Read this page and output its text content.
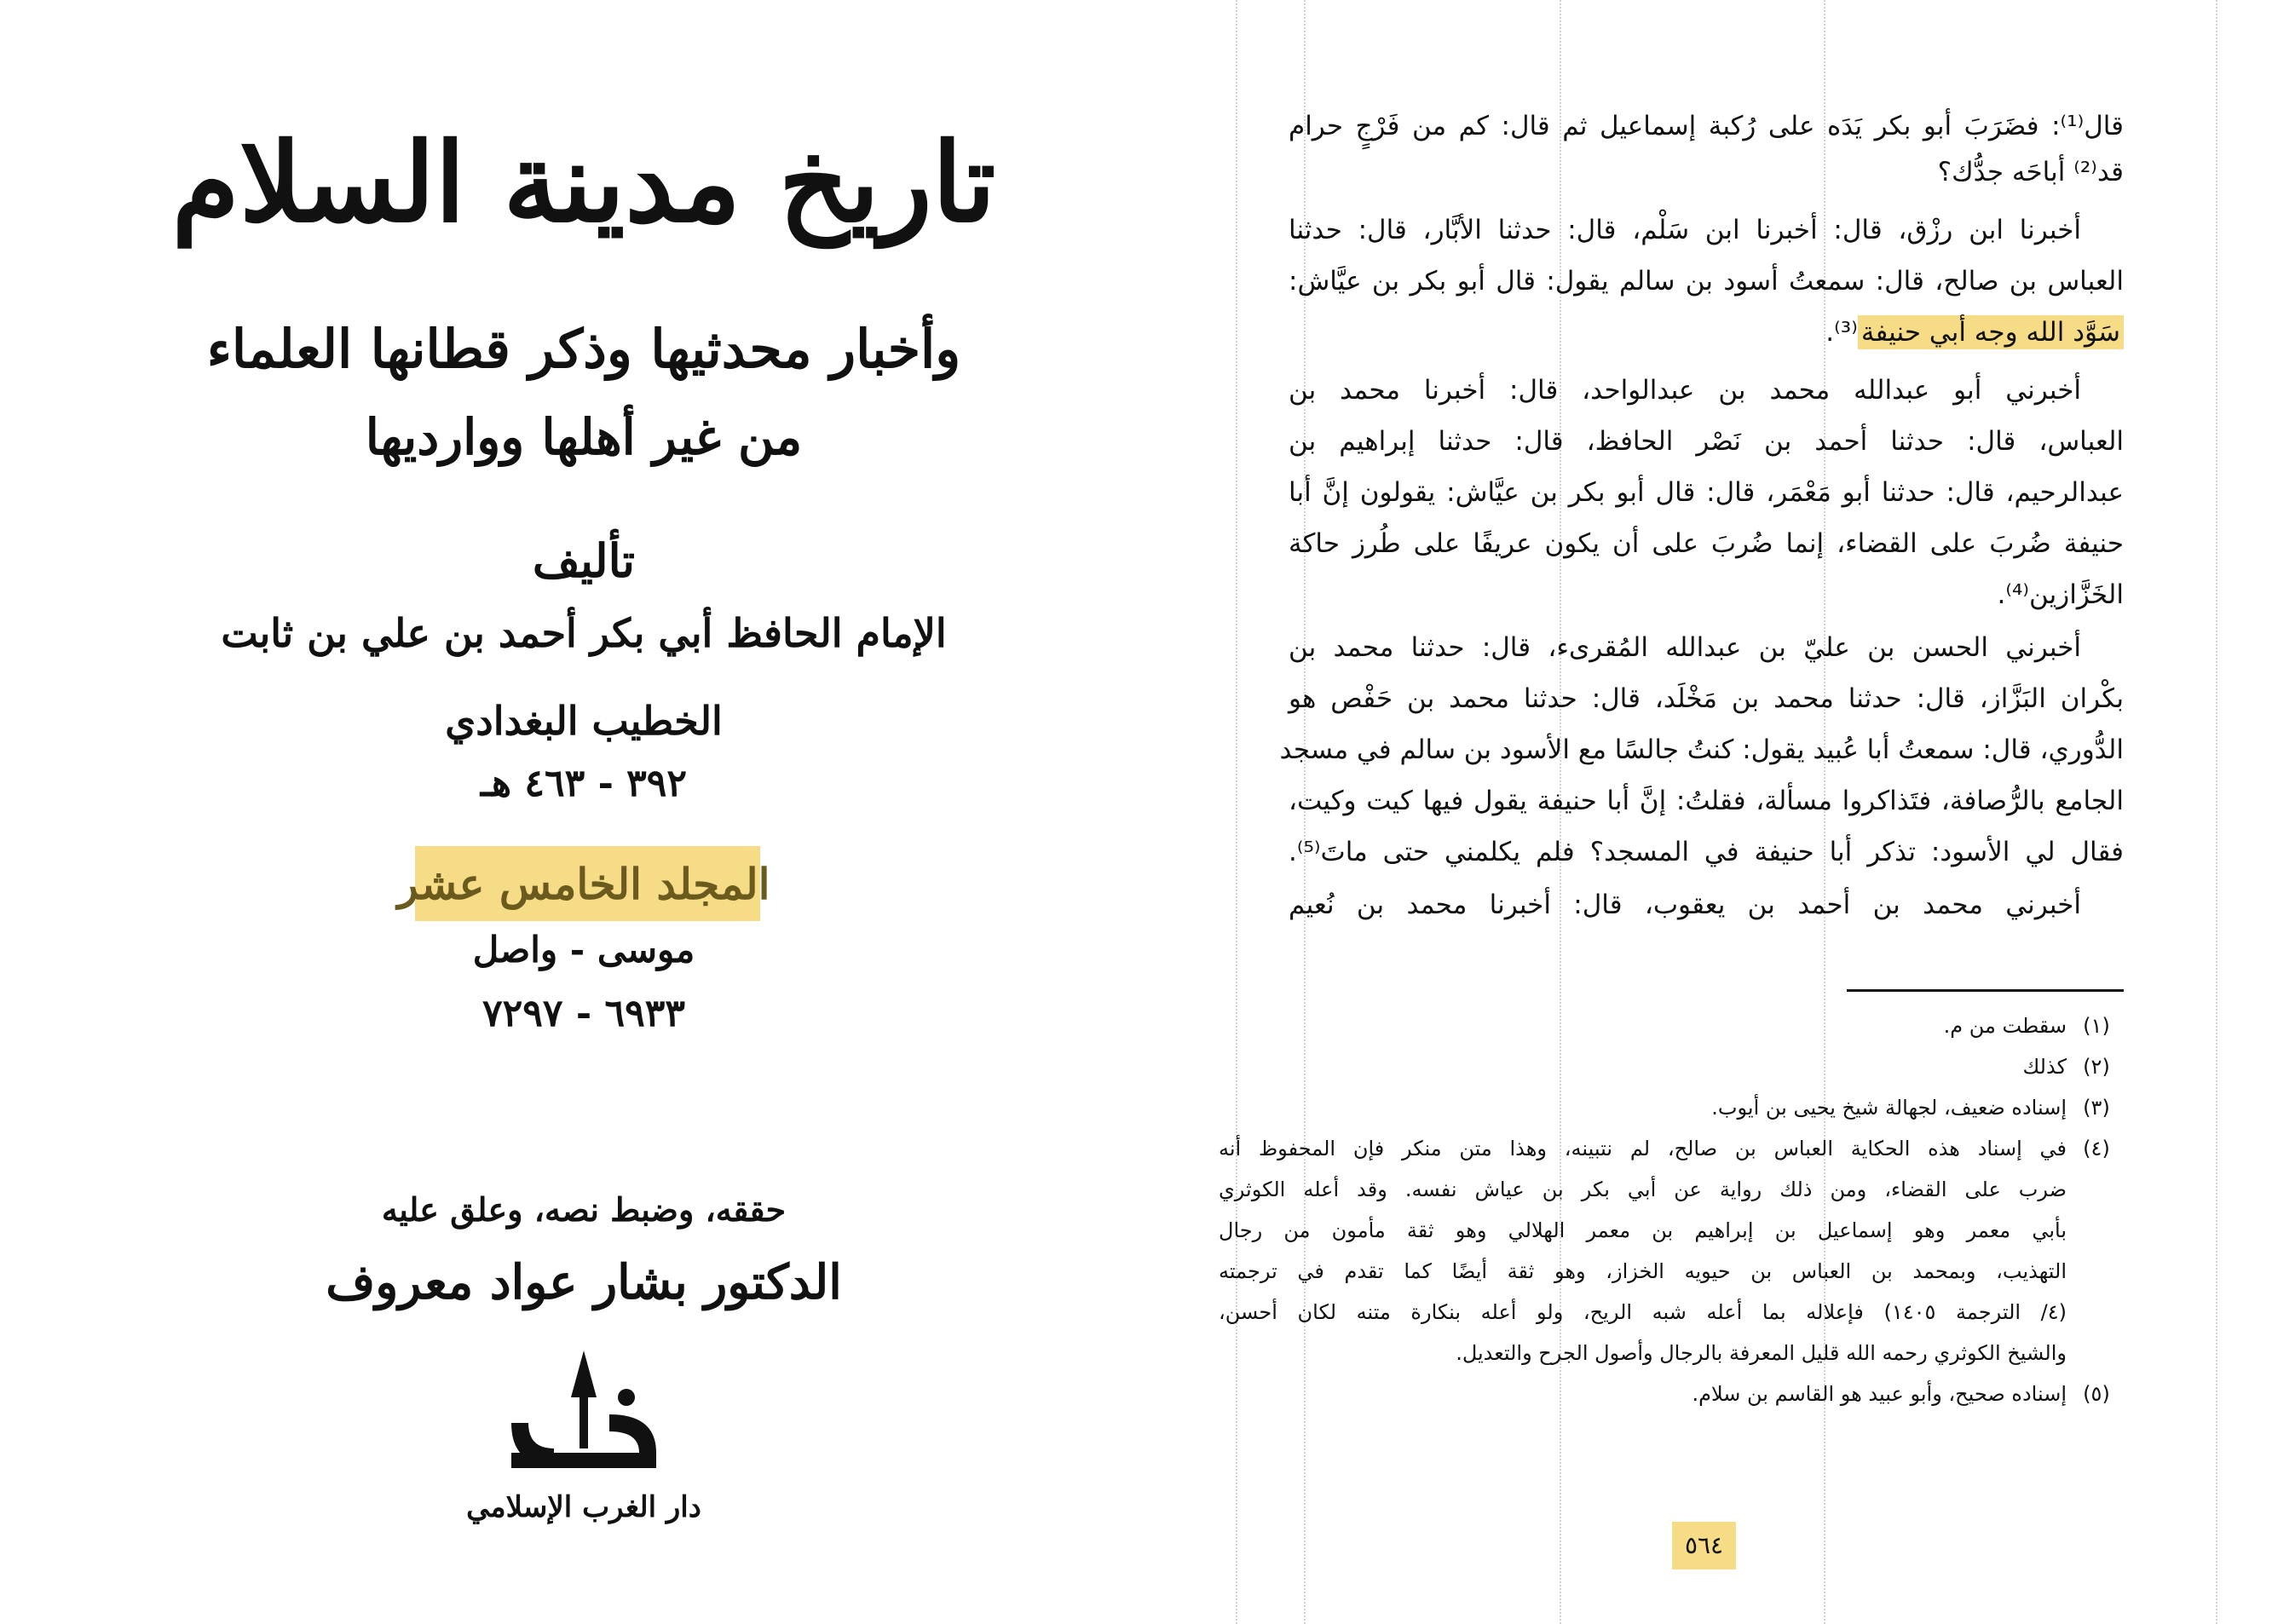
تاريخ مدينة السلام
وأخبار محدثيها وذكر قطانها العلماء
من غير أهلها ووارديها
تأليف
الإمام الحافظ أبي بكر أحمد بن علي بن ثابت
الخطيب البغدادي
٣٩٢ - ٤٦٣ هـ
المجلد الخامس عشر
موسى - واصل
٦٩٣٣ - ٧٢٩٧
حققه، وضبط نصه، وعلق عليه
الدكتور بشار عواد معروف
دار الغرب الإسلامي
قال⁽¹⁾: فضَرَبَ أبو بكر يَدَه على رُكبة إسماعيل ثم قال: كم من فَرْجٍ حرام
قد⁽²⁾ أباحَه جدُّك؟
أخبرنا ابن رزْق، قال: أخبرنا ابن سَلْم، قال: حدثنا الأبَّار، قال: حدثنا
العباس بن صالح، قال: سمعتُ أسود بن سالم يقول: قال أبو بكر بن عيَّاش:
سَوَّد الله وجه أبي حنيفة⁽³⁾.
أخبرني أبو عبدالله محمد بن عبدالواحد، قال: أخبرنا محمد بن
العباس، قال: حدثنا أحمد بن نَصْر الحافظ، قال: حدثنا إبراهيم بن
عبدالرحيم، قال: حدثنا أبو مَعْمَر، قال: قال أبو بكر بن عيَّاش: يقولون إنَّ أبا
حنيفة ضُربَ على القضاء، إنما ضُربَ على أن يكون عريفًا على طُرز حاكة
الخَزَّازين⁽⁴⁾.
أخبرني الحسن بن عليّ بن عبدالله المُقرىء، قال: حدثنا محمد بن
بكْران البَزَّاز، قال: حدثنا محمد بن مَخْلَد، قال: حدثنا محمد بن حَفْص هو
الدُّوري، قال: سمعتُ أبا عُبيد يقول: كنتُ جالسًا مع الأسود بن سالم في مسجد
الجامع بالرُّصافة، فتَذاكروا مسألة، فقلتُ: إنَّ أبا حنيفة يقول فيها كيت وكيت،
فقال لي الأسود: تذكر أبا حنيفة في المسجد؟ فلم يكلمني حتى ماتَ⁽⁵⁾.
أخبرني محمد بن أحمد بن يعقوب، قال: أخبرنا محمد بن نُعيم
(١)
سقطت من م.
(٢)
كذلك
(٣)
إسناده ضعيف، لجهالة شيخ يحيى بن أيوب.
(٤)
في إسناد هذه الحكاية العباس بن صالح، لم نتبينه، وهذا متن منكر فإن المحفوظ أنه
ضرب على القضاء، ومن ذلك رواية عن أبي بكر بن عياش نفسه. وقد أعله الكوثري
بأبي معمر وهو إسماعيل بن إبراهيم بن معمر الهلالي وهو ثقة مأمون من رجال
التهذيب، وبمحمد بن العباس بن حيويه الخزاز، وهو ثقة أيضًا كما تقدم في ترجمته
(٤/ الترجمة ١٤٠٥) فإعلاله بما أعله شبه الريح، ولو أعله بنكارة متنه لكان أحسن،
والشيخ الكوثري رحمه الله قليل المعرفة بالرجال وأصول الجرح والتعديل.
(٥)
إسناده صحيح، وأبو عبيد هو القاسم بن سلام.
٥٦٤
